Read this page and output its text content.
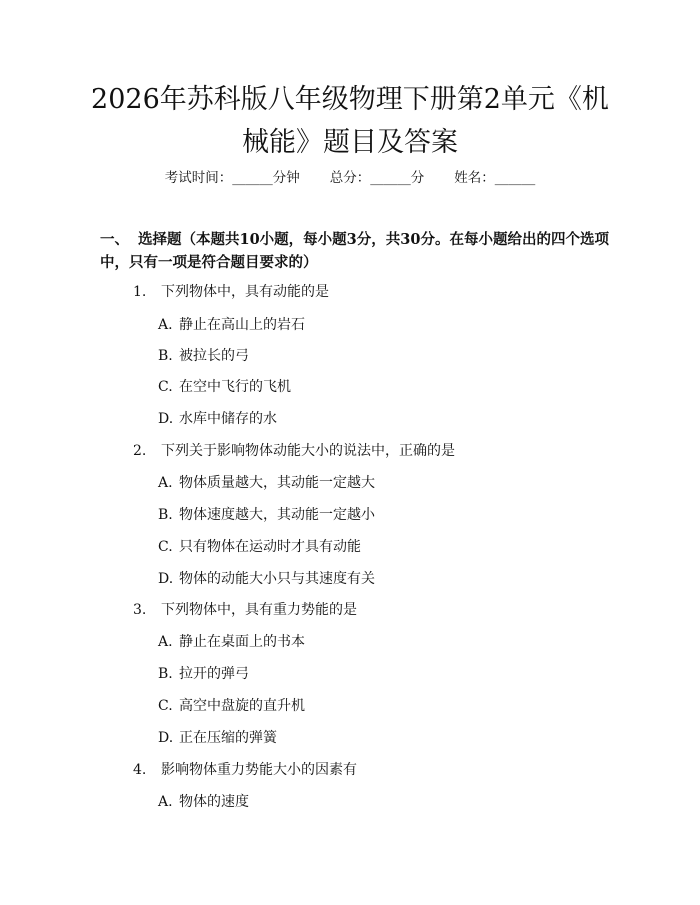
2026年苏科版八年级物理下册第2单元《机械能》题目及答案
考试时间：______分钟 总分：______分 姓名：______

一、 选择题（本题共10小题，每小题3分，共30分。在每小题给出的四个选项中，只有一项是符合题目要求的）

1. 下列物体中，具有动能的是
A. 静止在高山上的岩石
B. 被拉长的弓
C. 在空中飞行的飞机
D. 水库中储存的水
2. 下列关于影响物体动能大小的说法中，正确的是
A. 物体质量越大，其动能一定越大
B. 物体速度越大，其动能一定越小
C. 只有物体在运动时才具有动能
D. 物体的动能大小只与其速度有关
3. 下列物体中，具有重力势能的是
A. 静止在桌面上的书本
B. 拉开的弹弓
C. 高空中盘旋的直升机
D. 正在压缩的弹簧
4. 影响物体重力势能大小的因素有
A. 物体的速度
